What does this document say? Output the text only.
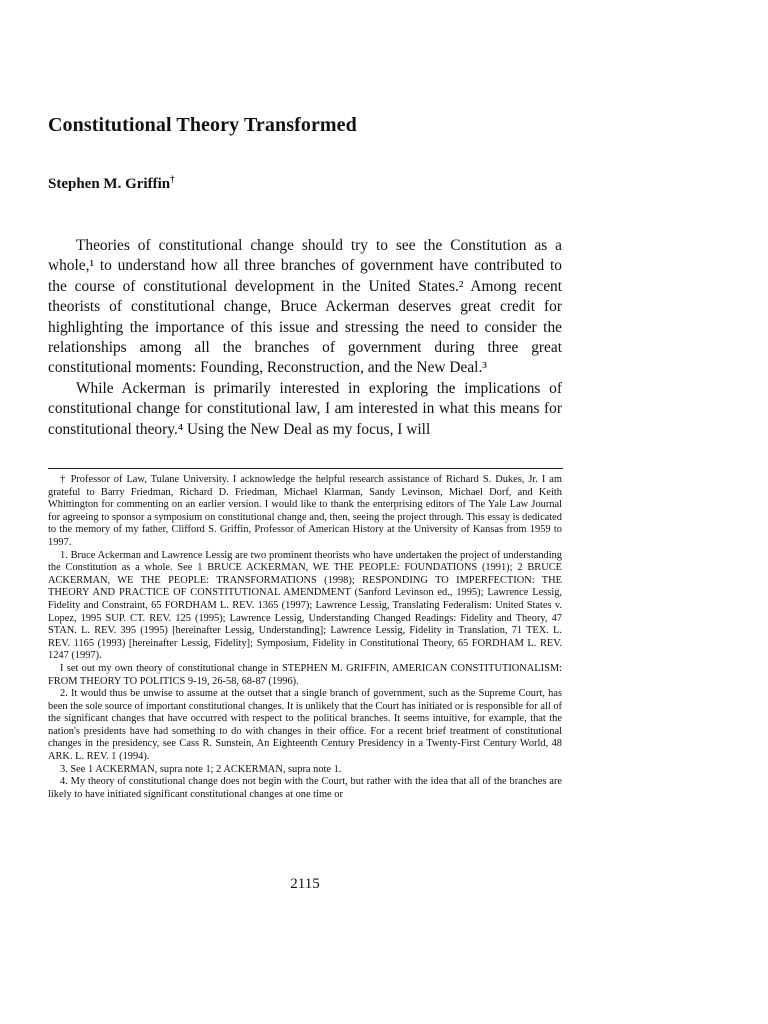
Constitutional Theory Transformed
Stephen M. Griffin†

Theories of constitutional change should try to see the Constitution as a whole,¹ to understand how all three branches of government have contributed to the course of constitutional development in the United States.² Among recent theorists of constitutional change, Bruce Ackerman deserves great credit for highlighting the importance of this issue and stressing the need to consider the relationships among all the branches of government during three great constitutional moments: Founding, Reconstruction, and the New Deal.³

While Ackerman is primarily interested in exploring the implications of constitutional change for constitutional law, I am interested in what this means for constitutional theory.⁴ Using the New Deal as my focus, I will

† Professor of Law, Tulane University. I acknowledge the helpful research assistance of Richard S. Dukes, Jr. I am grateful to Barry Friedman, Richard D. Friedman, Michael Klarman, Sandy Levinson, Michael Dorf, and Keith Whittington for commenting on an earlier version. I would like to thank the enterprising editors of The Yale Law Journal for agreeing to sponsor a symposium on constitutional change and, then, seeing the project through. This essay is dedicated to the memory of my father, Clifford S. Griffin, Professor of American History at the University of Kansas from 1959 to 1997.

1. Bruce Ackerman and Lawrence Lessig are two prominent theorists who have undertaken the project of understanding the Constitution as a whole. See 1 BRUCE ACKERMAN, WE THE PEOPLE: FOUNDATIONS (1991); 2 BRUCE ACKERMAN, WE THE PEOPLE: TRANSFORMATIONS (1998); RESPONDING TO IMPERFECTION: THE THEORY AND PRACTICE OF CONSTITUTIONAL AMENDMENT (Sanford Levinson ed., 1995); Lawrence Lessig, Fidelity and Constraint, 65 FORDHAM L. REV. 1365 (1997); Lawrence Lessig, Translating Federalism: United States v. Lopez, 1995 SUP. CT. REV. 125 (1995); Lawrence Lessig, Understanding Changed Readings: Fidelity and Theory, 47 STAN. L. REV. 395 (1995) [hereinafter Lessig, Understanding]; Lawrence Lessig, Fidelity in Translation, 71 TEX. L. REV. 1165 (1993) [hereinafter Lessig, Fidelity]; Symposium, Fidelity in Constitutional Theory, 65 FORDHAM L. REV. 1247 (1997).

I set out my own theory of constitutional change in STEPHEN M. GRIFFIN, AMERICAN CONSTITUTIONALISM: FROM THEORY TO POLITICS 9-19, 26-58, 68-87 (1996).

2. It would thus be unwise to assume at the outset that a single branch of government, such as the Supreme Court, has been the sole source of important constitutional changes. It is unlikely that the Court has initiated or is responsible for all of the significant changes that have occurred with respect to the political branches. It seems intuitive, for example, that the nation's presidents have had something to do with changes in their office. For a recent brief treatment of constitutional changes in the presidency, see Cass R. Sunstein, An Eighteenth Century Presidency in a Twenty-First Century World, 48 ARK. L. REV. 1 (1994).

3. See 1 ACKERMAN, supra note 1; 2 ACKERMAN, supra note 1.

4. My theory of constitutional change does not begin with the Court, but rather with the idea that all of the branches are likely to have initiated significant constitutional changes at one time or

2115
